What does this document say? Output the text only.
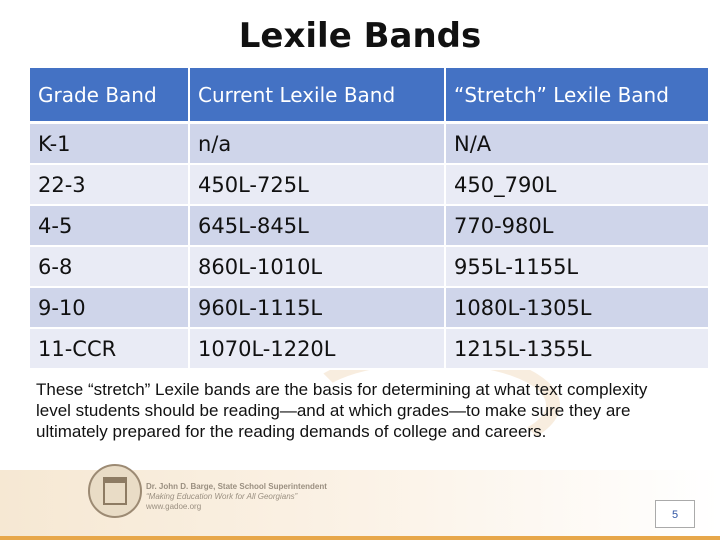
Lexile Bands
Grade Band	Current Lexile Band	“Stretch” Lexile Band
K-1	n/a	N/A
22-3	450L-725L	450_790L
4-5	645L-845L	770-980L
6-8	860L-1010L	955L-1155L
9-10	960L-1115L	1080L-1305L
11-CCR	1070L-1220L	1215L-1355L
These “stretch” Lexile bands are the basis for determining at what text complexity level students should be reading—and at which grades—to make sure they are ultimately prepared for the reading demands of college and careers.
Dr. John D. Barge, State School Superintendent
“Making Education Work for All Georgians”
www.gadoe.org
5
